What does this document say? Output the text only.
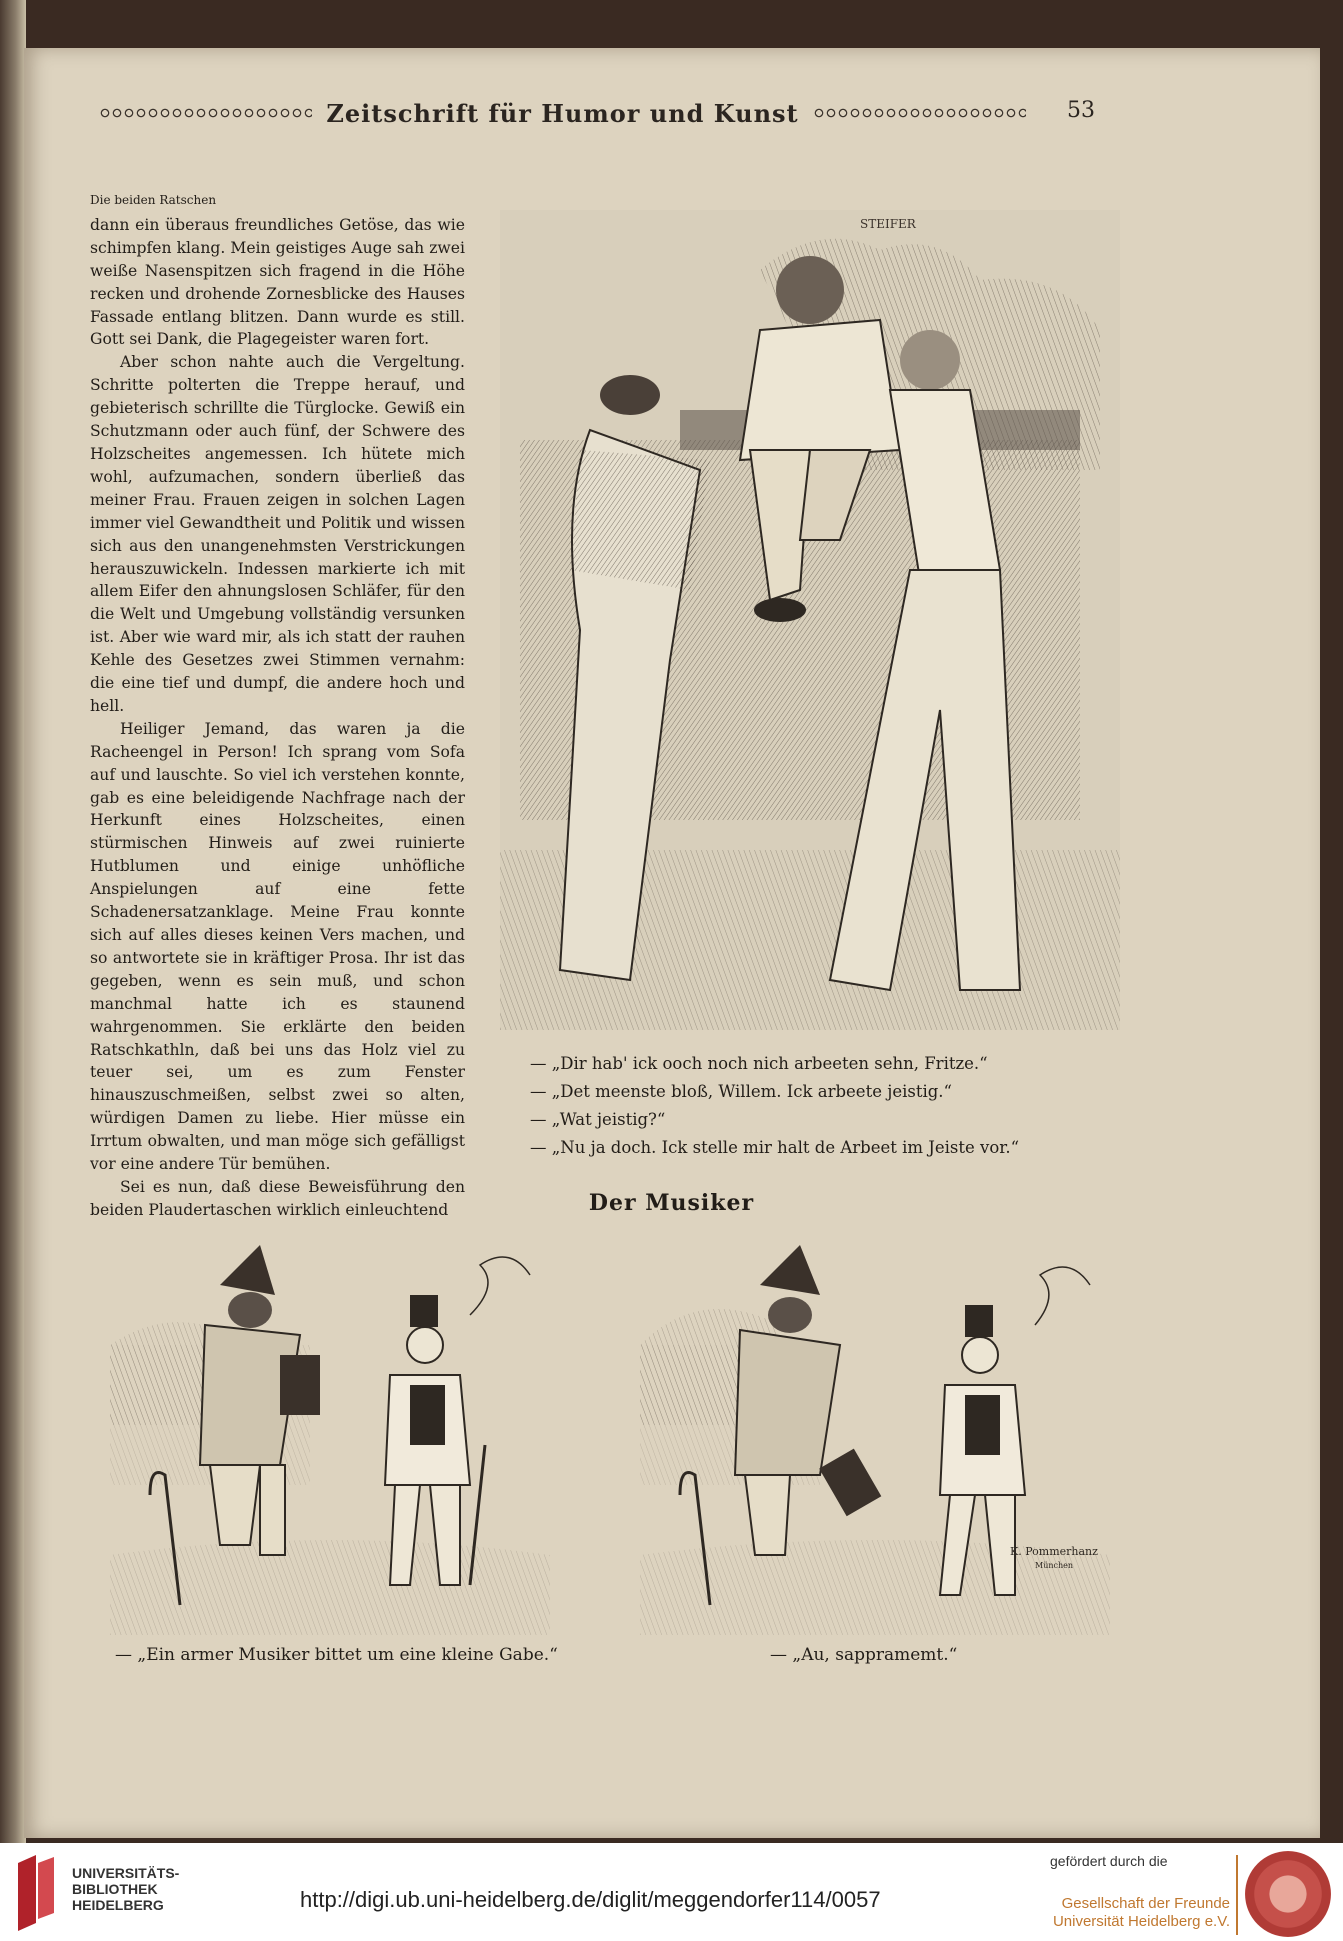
Zeitschrift für Humor und Kunst	53
Die beiden Ratschen

dann ein überaus freundliches Getöse, das wie schimpfen klang. Mein geistiges Auge sah zwei weiße Nasenspitzen sich fragend in die Höhe recken und drohende Zornesblicke des Hauses Fassade entlang blitzen. Dann wurde es still. Gott sei Dank, die Plagegeister waren fort.

Aber schon nahte auch die Vergeltung. Schritte polterten die Treppe herauf, und gebieterisch schrillte die Türglocke. Gewiß ein Schutzmann oder auch fünf, der Schwere des Holzscheites angemessen. Ich hütete mich wohl, aufzumachen, sondern überließ das meiner Frau. Frauen zeigen in solchen Lagen immer viel Gewandtheit und Politik und wissen sich aus den unangenehmsten Verstrickungen herauszuwickeln. Indessen markierte ich mit allem Eifer den ahnungslosen Schläfer, für den die Welt und Umgebung vollständig versunken ist. Aber wie ward mir, als ich statt der rauhen Kehle des Gesetzes zwei Stimmen vernahm: die eine tief und dumpf, die andere hoch und hell.

Heiliger Jemand, das waren ja die Racheengel in Person! Ich sprang vom Sofa auf und lauschte. So viel ich verstehen konnte, gab es eine beleidigende Nachfrage nach der Herkunft eines Holzscheites, einen stürmischen Hinweis auf zwei ruinierte Hutblumen und einige unhöfliche Anspielungen auf eine fette Schadenersatzanklage. Meine Frau konnte sich auf alles dieses keinen Vers machen, und so antwortete sie in kräftiger Prosa. Ihr ist das gegeben, wenn es sein muß, und schon manchmal hatte ich es staunend wahrgenommen. Sie erklärte den beiden Ratschkathln, daß bei uns das Holz viel zu teuer sei, um es zum Fenster hinauszuschmeißen, selbst zwei so alten, würdigen Damen zu liebe. Hier müsse ein Irrtum obwalten, und man möge sich gefälligst vor eine andere Tür bemühen.

Sei es nun, daß diese Beweisführung den beiden Plaudertaschen wirklich einleuchtend

STEIFER
— „Dir hab' ick ooch noch nich arbeeten sehn, Fritze.“
— „Det meenste bloß, Willem. Ick arbeete jeistig.“
— „Wat jeistig?“
— „Nu ja doch. Ick stelle mir halt de Arbeet im Jeiste vor.“
Der Musiker
K. Pommerhanz
München
— „Ein armer Musiker bittet um eine kleine Gabe.“	— „Au, sappramemt.“
UNIVERSITÄTS-
BIBLIOTHEK
HEIDELBERG	http://digi.ub.uni-heidelberg.de/diglit/meggendorfer114/0057
gefördert durch die
Gesellschaft der Freunde
Universität Heidelberg e.V.
